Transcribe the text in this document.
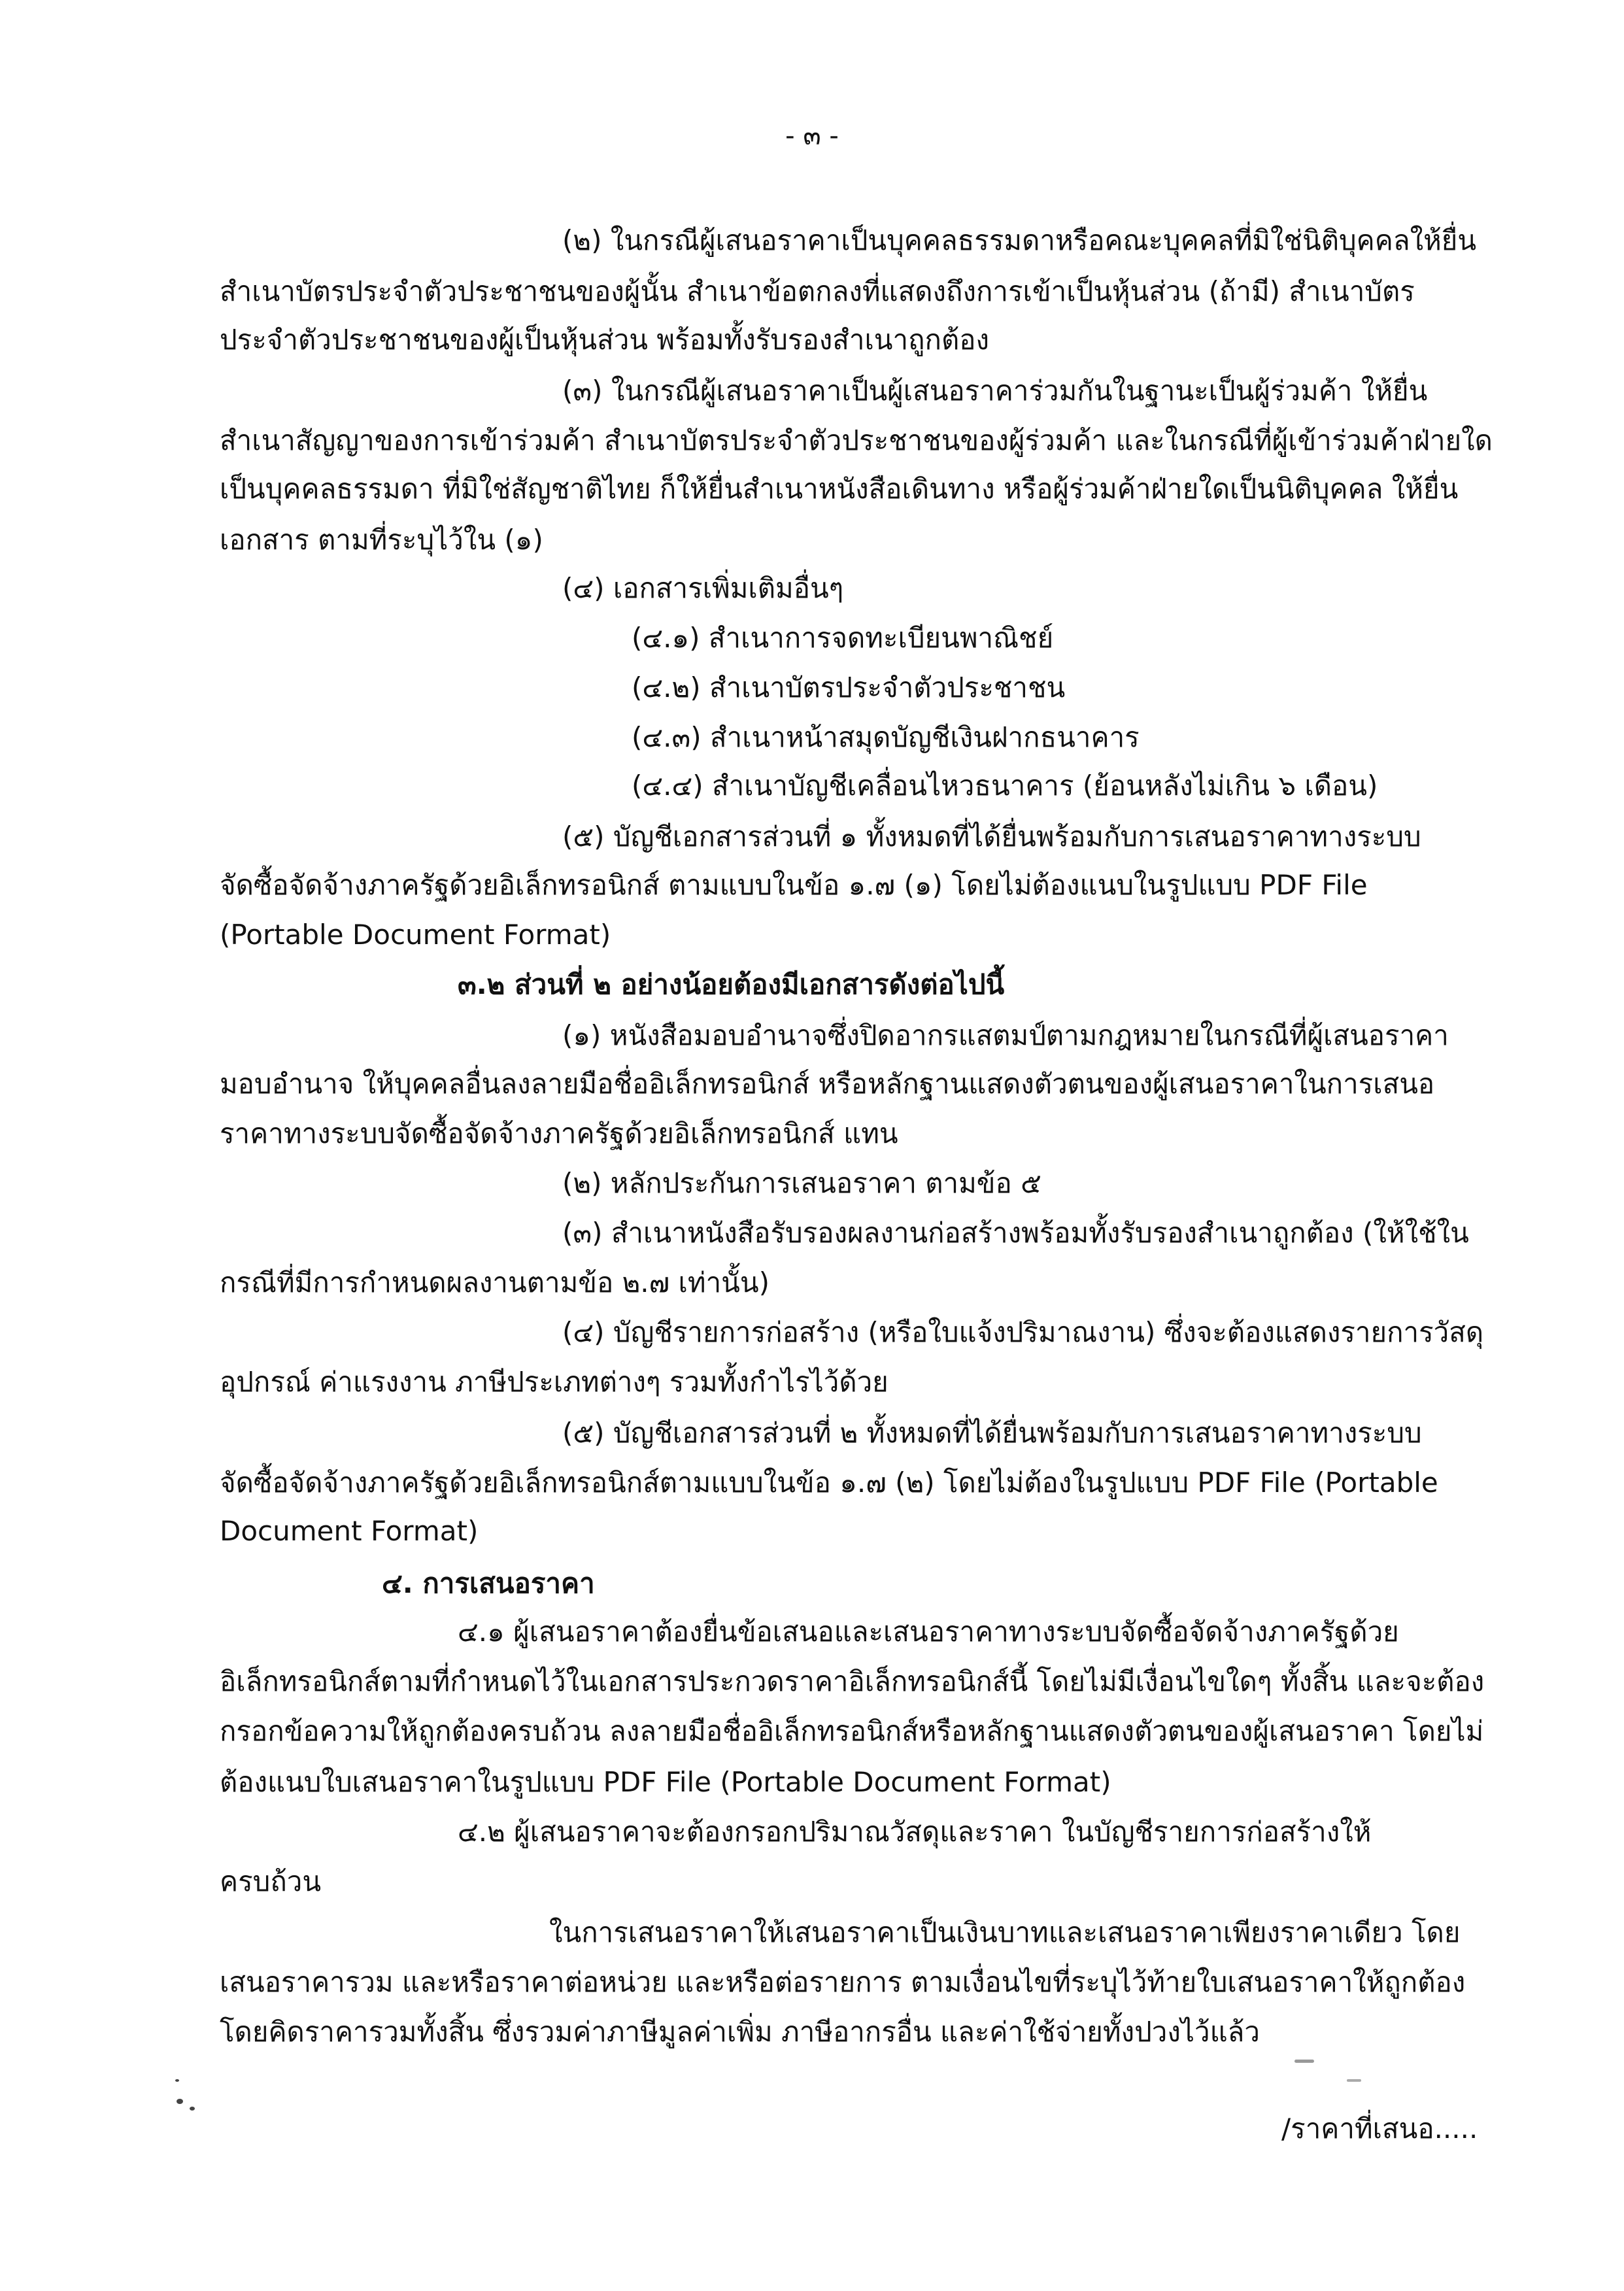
- ๓ -
(๒) ในกรณีผู้เสนอราคาเป็นบุคคลธรรมดาหรือคณะบุคคลที่มิใช่นิติบุคคลให้ยื่น
สำเนาบัตรประจำตัวประชาชนของผู้นั้น สำเนาข้อตกลงที่แสดงถึงการเข้าเป็นหุ้นส่วน (ถ้ามี) สำเนาบัตร
ประจำตัวประชาชนของผู้เป็นหุ้นส่วน พร้อมทั้งรับรองสำเนาถูกต้อง
(๓) ในกรณีผู้เสนอราคาเป็นผู้เสนอราคาร่วมกันในฐานะเป็นผู้ร่วมค้า ให้ยื่น
สำเนาสัญญาของการเข้าร่วมค้า สำเนาบัตรประจำตัวประชาชนของผู้ร่วมค้า และในกรณีที่ผู้เข้าร่วมค้าฝ่ายใด
เป็นบุคคลธรรมดา ที่มิใช่สัญชาติไทย ก็ให้ยื่นสำเนาหนังสือเดินทาง หรือผู้ร่วมค้าฝ่ายใดเป็นนิติบุคคล ให้ยื่น
เอกสาร ตามที่ระบุไว้ใน (๑)
(๔) เอกสารเพิ่มเติมอื่นๆ
(๔.๑) สำเนาการจดทะเบียนพาณิชย์
(๔.๒) สำเนาบัตรประจำตัวประชาชน
(๔.๓) สำเนาหน้าสมุดบัญชีเงินฝากธนาคาร
(๔.๔) สำเนาบัญชีเคลื่อนไหวธนาคาร (ย้อนหลังไม่เกิน ๖ เดือน)
(๕) บัญชีเอกสารส่วนที่ ๑ ทั้งหมดที่ได้ยื่นพร้อมกับการเสนอราคาทางระบบ
จัดซื้อจัดจ้างภาครัฐด้วยอิเล็กทรอนิกส์ ตามแบบในข้อ ๑.๗ (๑) โดยไม่ต้องแนบในรูปแบบ PDF File
(Portable Document Format)
๓.๒ ส่วนที่ ๒ อย่างน้อยต้องมีเอกสารดังต่อไปนี้
(๑) หนังสือมอบอำนาจซึ่งปิดอากรแสตมป์ตามกฎหมายในกรณีที่ผู้เสนอราคา
มอบอำนาจ ให้บุคคลอื่นลงลายมือชื่ออิเล็กทรอนิกส์ หรือหลักฐานแสดงตัวตนของผู้เสนอราคาในการเสนอ
ราคาทางระบบจัดซื้อจัดจ้างภาครัฐด้วยอิเล็กทรอนิกส์ แทน
(๒) หลักประกันการเสนอราคา ตามข้อ ๕
(๓) สำเนาหนังสือรับรองผลงานก่อสร้างพร้อมทั้งรับรองสำเนาถูกต้อง (ให้ใช้ใน
กรณีที่มีการกำหนดผลงานตามข้อ ๒.๗ เท่านั้น)
(๔) บัญชีรายการก่อสร้าง (หรือใบแจ้งปริมาณงาน) ซึ่งจะต้องแสดงรายการวัสดุ
อุปกรณ์ ค่าแรงงาน ภาษีประเภทต่างๆ รวมทั้งกำไรไว้ด้วย
(๕) บัญชีเอกสารส่วนที่ ๒ ทั้งหมดที่ได้ยื่นพร้อมกับการเสนอราคาทางระบบ
จัดซื้อจัดจ้างภาครัฐด้วยอิเล็กทรอนิกส์ตามแบบในข้อ ๑.๗ (๒) โดยไม่ต้องในรูปแบบ PDF File (Portable
Document Format)
๔. การเสนอราคา
๔.๑ ผู้เสนอราคาต้องยื่นข้อเสนอและเสนอราคาทางระบบจัดซื้อจัดจ้างภาครัฐด้วย
อิเล็กทรอนิกส์ตามที่กำหนดไว้ในเอกสารประกวดราคาอิเล็กทรอนิกส์นี้ โดยไม่มีเงื่อนไขใดๆ ทั้งสิ้น และจะต้อง
กรอกข้อความให้ถูกต้องครบถ้วน ลงลายมือชื่ออิเล็กทรอนิกส์หรือหลักฐานแสดงตัวตนของผู้เสนอราคา โดยไม่
ต้องแนบใบเสนอราคาในรูปแบบ PDF File (Portable Document Format)
๔.๒ ผู้เสนอราคาจะต้องกรอกปริมาณวัสดุและราคา ในบัญชีรายการก่อสร้างให้
ครบถ้วน
ในการเสนอราคาให้เสนอราคาเป็นเงินบาทและเสนอราคาเพียงราคาเดียว โดย
เสนอราคารวม และหรือราคาต่อหน่วย และหรือต่อรายการ ตามเงื่อนไขที่ระบุไว้ท้ายใบเสนอราคาให้ถูกต้อง
โดยคิดราคารวมทั้งสิ้น ซึ่งรวมค่าภาษีมูลค่าเพิ่ม ภาษีอากรอื่น และค่าใช้จ่ายทั้งปวงไว้แล้ว
/ราคาที่เสนอ.....
